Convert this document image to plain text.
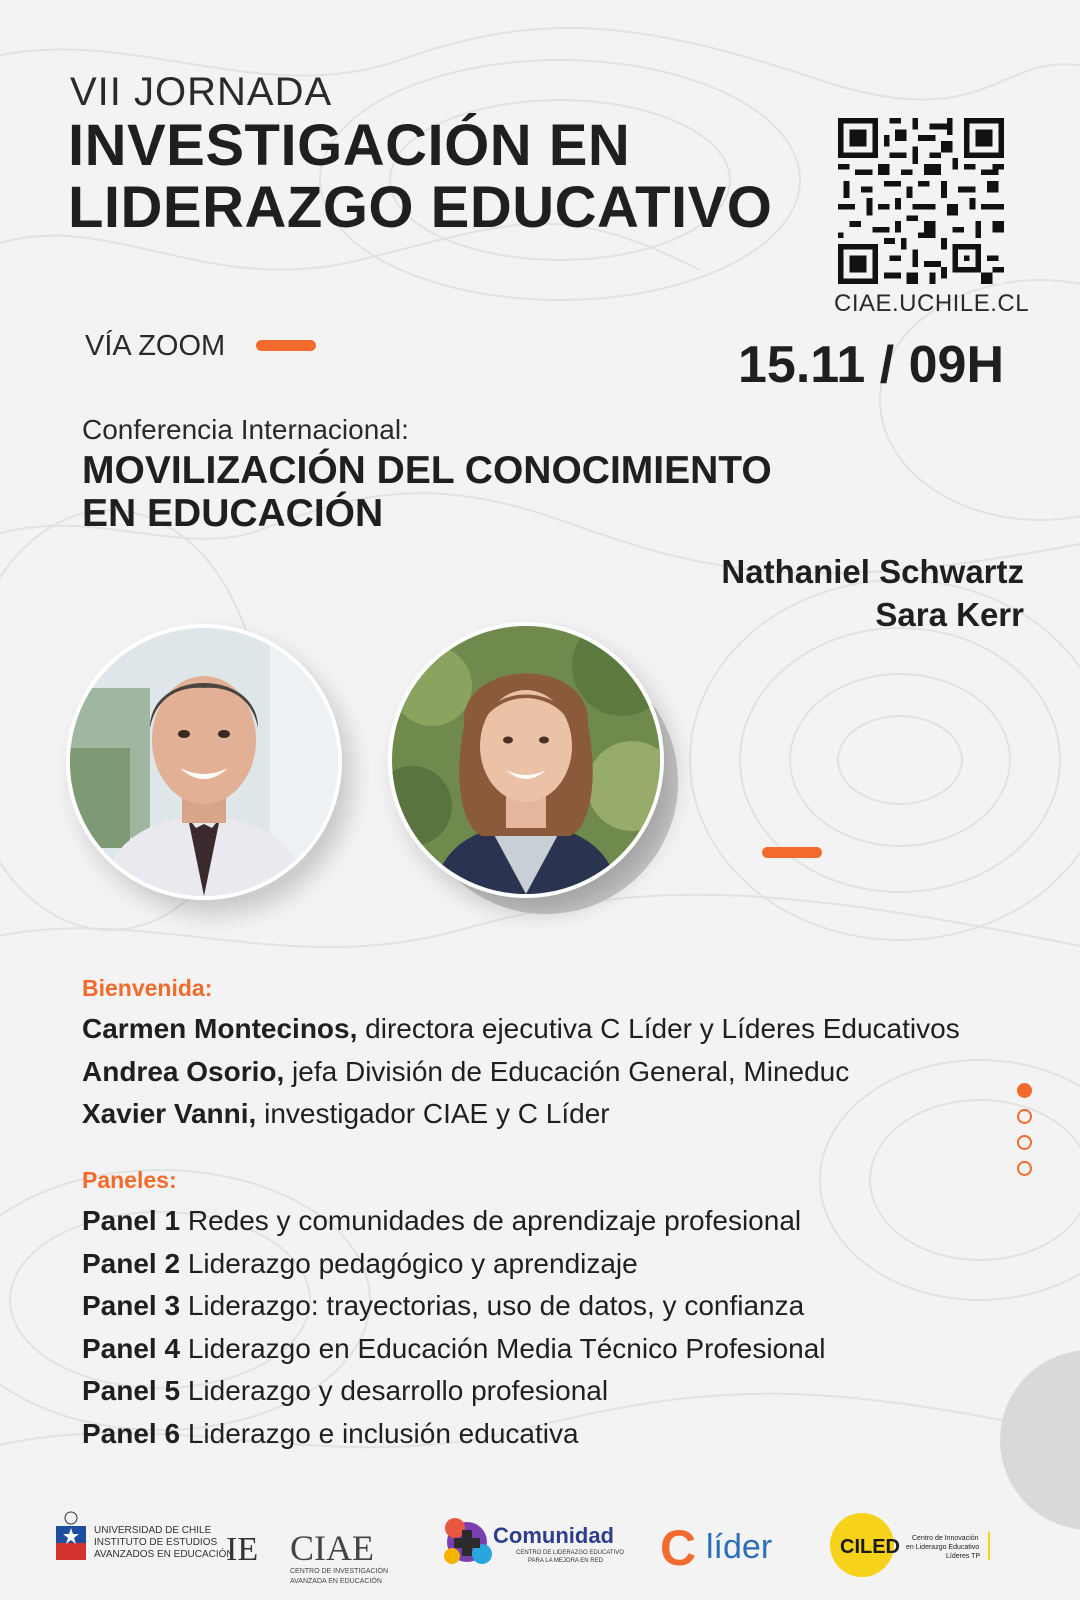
VII JORNADA
INVESTIGACIÓN EN
LIDERAZGO EDUCATIVO
CIAE.UCHILE.CL
VÍA ZOOM	15.11 / 09H
Conferencia Internacional:
MOVILIZACIÓN DEL CONOCIMIENTO
EN EDUCACIÓN
Nathaniel Schwartz
Sara Kerr
Bienvenida:
Carmen Montecinos, directora ejecutiva C Líder y Líderes Educativos
Andrea Osorio, jefa División de Educación General, Mineduc
Xavier Vanni, investigador CIAE y C Líder
Paneles:
Panel 1 Redes y comunidades de aprendizaje profesional
Panel 2 Liderazgo pedagógico y aprendizaje
Panel 3 Liderazgo: trayectorias, uso de datos, y confianza
Panel 4 Liderazgo en Educación Media Técnico Profesional
Panel 5 Liderazgo y desarrollo profesional
Panel 6 Liderazgo e inclusión educativa
UNIVERSIDAD DE CHILE
INSTITUTO DE ESTUDIOS
AVANZADOS EN EDUCACIÓN
IE CIAE
CENTRO DE INVESTIGACIÓN
AVANZADA EN EDUCACIÓN
Comunidad
CENTRO DE LIDERAZGO EDUCATIVO
PARA LA MEJORA EN RED C líder	CILED Centro de Innovación
en Liderazgo Educativo
Líderes TP
